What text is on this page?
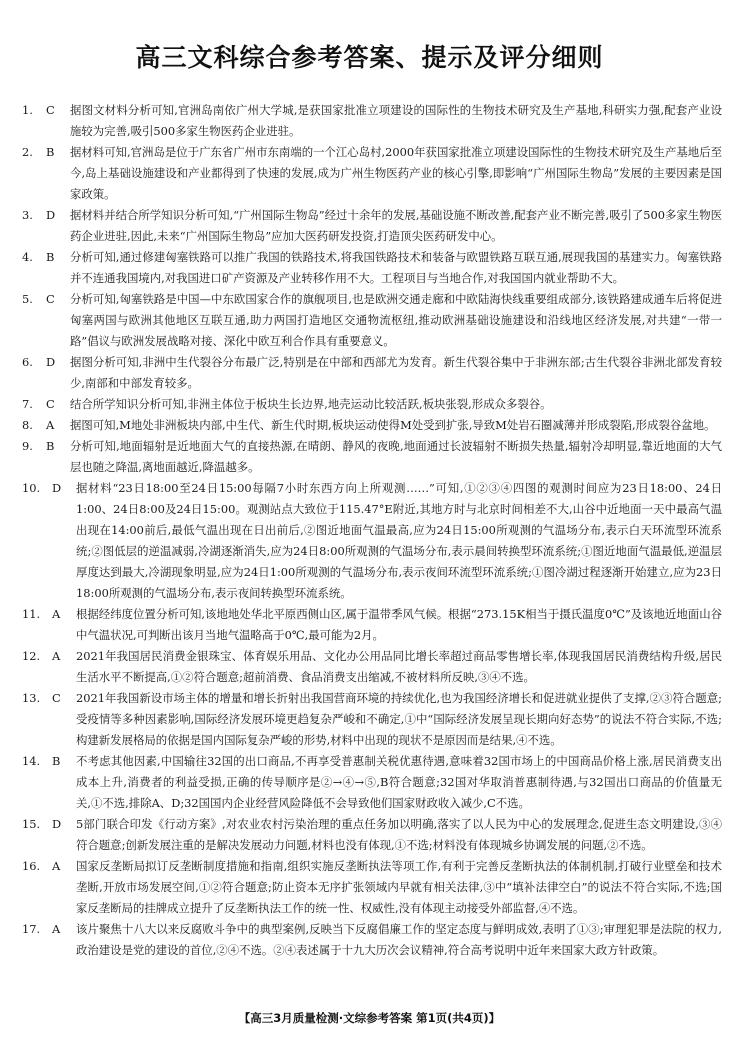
高三文科综合参考答案、提示及评分细则
1.	C	据图文材料分析可知,官洲岛南依广州大学城,是获国家批准立项建设的国际性的生物技术研究及生产基地,科研实力强,配套产业设施较为完善,吸引500多家生物医药企业进驻。
2.	B	据材料可知,官洲岛是位于广东省广州市东南端的一个江心岛村,2000年获国家批准立项建设国际性的生物技术研究及生产基地后至今,岛上基础设施建设和产业都得到了快速的发展,成为广州生物医药产业的核心引擎,即影响“广州国际生物岛”发展的主要因素是国家政策。
3.	D	据材料并结合所学知识分析可知,“广州国际生物岛”经过十余年的发展,基础设施不断改善,配套产业不断完善,吸引了500多家生物医药企业进驻,因此,未来“广州国际生物岛”应加大医药研发投资,打造顶尖医药研发中心。
4.	B	分析可知,通过修建匈塞铁路可以推广我国的铁路技术,将我国铁路技术和装备与欧盟铁路互联互通,展现我国的基建实力。匈塞铁路并不连通我国境内,对我国进口矿产资源及产业转移作用不大。工程项目与当地合作,对我国国内就业帮助不大。
5.	C	分析可知,匈塞铁路是中国—中东欧国家合作的旗舰项目,也是欧洲交通走廊和中欧陆海快线重要组成部分,该铁路建成通车后将促进匈塞两国与欧洲其他地区互联互通,助力两国打造地区交通物流枢纽,推动欧洲基础设施建设和沿线地区经济发展,对共建“一带一路”倡议与欧洲发展战略对接、深化中欧互利合作具有重要意义。
6.	D	据图分析可知,非洲中生代裂谷分布最广泛,特别是在中部和西部尤为发育。新生代裂谷集中于非洲东部;古生代裂谷非洲北部发育较少,南部和中部发育较多。
7.	C	结合所学知识分析可知,非洲主体位于板块生长边界,地壳运动比较活跃,板块张裂,形成众多裂谷。
8.	A	据图可知,M地处非洲板块内部,中生代、新生代时期,板块运动使得M处受到扩张,导致M处岩石圈减薄并形成裂陷,形成裂谷盆地。
9.	B	分析可知,地面辐射是近地面大气的直接热源,在晴朗、静风的夜晚,地面通过长波辐射不断损失热量,辐射冷却明显,靠近地面的大气层也随之降温,离地面越近,降温越多。
10.	D	据材料“23日18:00至24日15:00每隔7小时东西方向上所观测……”可知,①②③④四图的观测时间应为23日18:00、24日1:00、24日8:00及24日15:00。观测站点大致位于115.47°E附近,其地方时与北京时间相差不大,山谷中近地面一天中最高气温出现在14:00前后,最低气温出现在日出前后,②图近地面气温最高,应为24日15:00所观测的气温场分布,表示白天环流型环流系统;②图低层的逆温减弱,冷湖逐渐消失,应为24日8:00所观测的气温场分布,表示晨间转换型环流系统;①图近地面气温最低,逆温层厚度达到最大,冷湖现象明显,应为24日1:00所观测的气温场分布,表示夜间环流型环流系统;①图冷湖过程逐渐开始建立,应为23日18:00所观测的气温场分布,表示夜间转换型环流系统。
11.	A	根据经纬度位置分析可知,该地地处华北平原西侧山区,属于温带季风气候。根据“273.15K相当于摄氏温度0℃”及该地近地面山谷中气温状况,可判断出该月当地气温略高于0℃,最可能为2月。
12.	A	2021年我国居民消费金银珠宝、体育娱乐用品、文化办公用品同比增长率超过商品零售增长率,体现我国居民消费结构升级,居民生活水平不断提高,①②符合题意;超前消费、食品消费支出缩减,不被材料所反映,③④不选。
13.	C	2021年我国新设市场主体的增量和增长折射出我国营商环境的持续优化,也为我国经济增长和促进就业提供了支撑,②③符合题意;受疫情等多种因素影响,国际经济发展环境更趋复杂严峻和不确定,①中“国际经济发展呈现长期向好态势”的说法不符合实际,不选;构建新发展格局的依据是国内国际复杂严峻的形势,材料中出现的现状不是原因而是结果,④不选。
14.	B	不考虑其他因素,中国输往32国的出口商品,不再享受普惠制关税优惠待遇,意味着32国市场上的中国商品价格上涨,居民消费支出成本上升,消费者的利益受损,正确的传导顺序是②→④→⑤,B符合题意;32国对华取消普惠制待遇,与32国出口商品的价值量无关,①不选,排除A、D;32国国内企业经营风险降低不会导致他们国家财政收入减少,C不选。
15.	D	5部门联合印发《行动方案》,对农业农村污染治理的重点任务加以明确,落实了以人民为中心的发展理念,促进生态文明建设,③④符合题意;创新发展注重的是解决发展动力问题,材料也没有体现,①不选;材料没有体现城乡协调发展的问题,②不选。
16.	A	国家反垄断局拟订反垄断制度措施和指南,组织实施反垄断执法等项工作,有利于完善反垄断执法的体制机制,打破行业壁垒和技术垄断,开放市场发展空间,①②符合题意;防止资本无序扩张领域内早就有相关法律,③中“填补法律空白”的说法不符合实际,不选;国家反垄断局的挂牌成立提升了反垄断执法工作的统一性、权威性,没有体现主动接受外部监督,④不选。
17.	A	该片聚焦十八大以来反腐败斗争中的典型案例,反映当下反腐倡廉工作的坚定态度与鲜明成效,表明了①③;审理犯罪是法院的权力,政治建设是党的建设的首位,②④不选。②④表述属于十九大历次会议精神,符合高考说明中近年来国家大政方针政策。
【高三3月质量检测·文综参考答案 第1页(共4页)】
